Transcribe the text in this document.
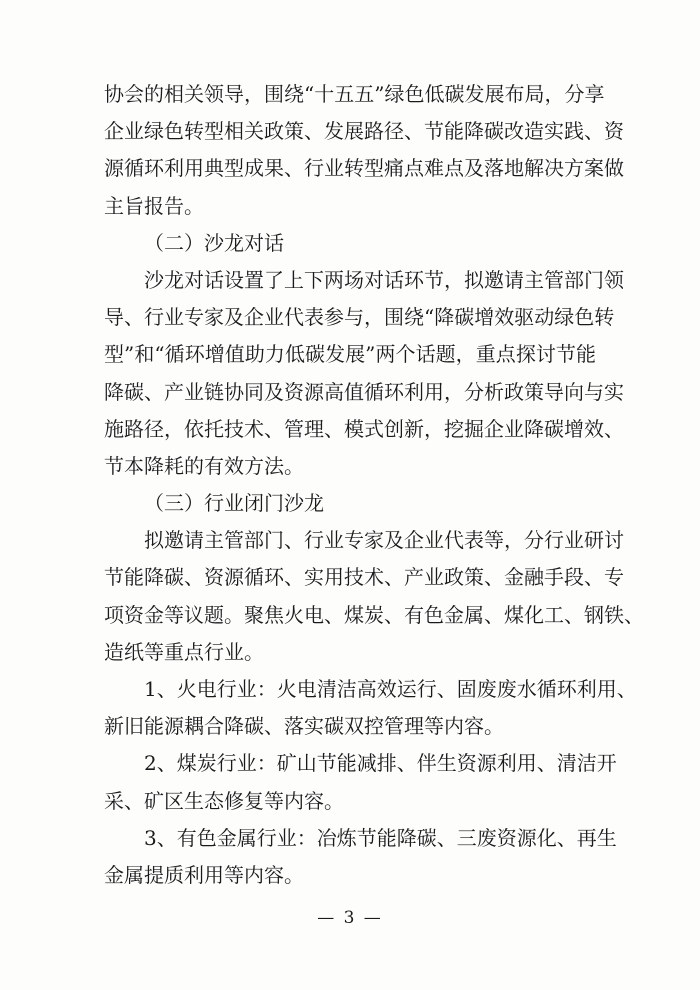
协会的相关领导，围绕“十五五”绿色低碳发展布局，分享
企业绿色转型相关政策、发展路径、节能降碳改造实践、资
源循环利用典型成果、行业转型痛点难点及落地解决方案做
主旨报告。
（二）沙龙对话
沙龙对话设置了上下两场对话环节，拟邀请主管部门领
导、行业专家及企业代表参与，围绕“降碳增效驱动绿色转
型”和“循环增值助力低碳发展”两个话题，重点探讨节能
降碳、产业链协同及资源高值循环利用，分析政策导向与实
施路径，依托技术、管理、模式创新，挖掘企业降碳增效、
节本降耗的有效方法。
（三）行业闭门沙龙
拟邀请主管部门、行业专家及企业代表等，分行业研讨
节能降碳、资源循环、实用技术、产业政策、金融手段、专
项资金等议题。聚焦火电、煤炭、有色金属、煤化工、钢铁、
造纸等重点行业。
1、火电行业：火电清洁高效运行、固废废水循环利用、
新旧能源耦合降碳、落实碳双控管理等内容。
2、煤炭行业：矿山节能减排、伴生资源利用、清洁开
采、矿区生态修复等内容。
3、有色金属行业：冶炼节能降碳、三废资源化、再生
金属提质利用等内容。
— 3 —
